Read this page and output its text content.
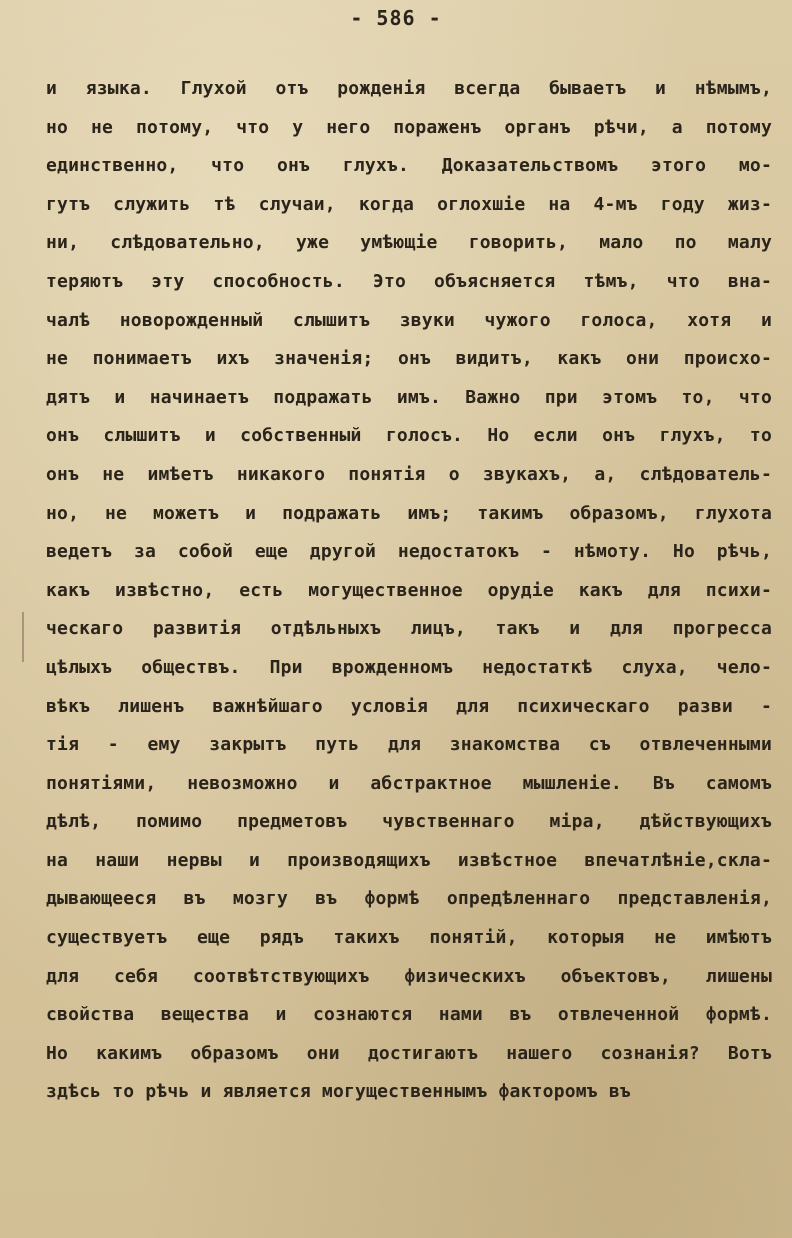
- 586 -
и языка. Глухой отъ рожденія всегда бываетъ и нѣмымъ,
но не потому, что у него пораженъ органъ рѣчи, а потому
единственно, что онъ глухъ. Доказательствомъ этого мо-
гутъ служить тѣ случаи, когда оглохшіе на 4-мъ году жиз-
ни, слѣдовательно, уже умѣющіе говорить, мало по малу
теряютъ эту способность. Это объясняется тѣмъ, что вна-
чалѣ новорожденный слышитъ звуки чужого голоса, хотя и
не понимаетъ ихъ значенія; онъ видитъ, какъ они происхо-
дятъ и начинаетъ подражать имъ. Важно при этомъ то, что
онъ слышитъ и собственный голосъ. Но если онъ глухъ, то
онъ не имѣетъ никакого понятія о звукахъ, а, слѣдователь-
но, не можетъ и подражать имъ; такимъ образомъ, глухота
ведетъ за собой еще другой недостатокъ - нѣмоту. Но рѣчь,
какъ извѣстно, есть могущественное орудіе какъ для психи-
ческаго развитія отдѣльныхъ лицъ, такъ и для прогресса
цѣлыхъ обществъ. При врожденномъ недостаткѣ слуха, чело-
вѣкъ лишенъ важнѣйшаго условія для психическаго разви -
тія - ему закрытъ путь для знакомства съ отвлеченными
понятіями, невозможно и абстрактное мышленіе. Въ самомъ
дѣлѣ, помимо предметовъ чувственнаго міра, дѣйствующихъ
на наши нервы и производящихъ извѣстное впечатлѣніе,скла-
дывающееся въ мозгу въ формѣ опредѣленнаго представленія,
существуетъ еще рядъ такихъ понятій, которыя не имѣютъ
для себя соотвѣтствующихъ физическихъ объектовъ, лишены
свойства вещества и сознаются нами въ отвлеченной формѣ.
Но какимъ образомъ они достигаютъ нашего сознанія? Вотъ
здѣсь то рѣчь и является могущественнымъ факторомъ въ
